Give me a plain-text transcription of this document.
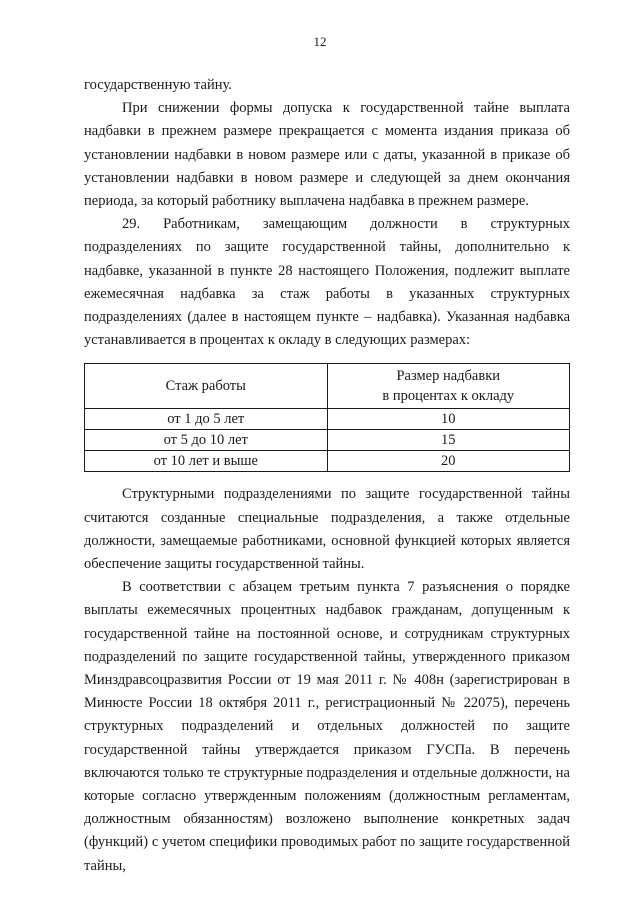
12

государственную тайну.

При снижении формы допуска к государственной тайне выплата надбавки в прежнем размере прекращается с момента издания приказа об установлении надбавки в новом размере или с даты, указанной в приказе об установлении надбавки в новом размере и следующей за днем окончания периода, за который работнику выплачена надбавка в прежнем размере.

29. Работникам, замещающим должности в структурных подразделениях по защите государственной тайны, дополнительно к надбавке, указанной в пункте 28 настоящего Положения, подлежит выплате ежемесячная надбавка за стаж работы в указанных структурных подразделениях (далее в настоящем пункте – надбавка). Указанная надбавка устанавливается в процентах к окладу в следующих размерах:

Стаж работы	Размер надбавки
в процентах к окладу
от 1 до 5 лет	10
от 5 до 10 лет	15
от 10 лет и выше	20

Структурными подразделениями по защите государственной тайны считаются созданные специальные подразделения, а также отдельные должности, замещаемые работниками, основной функцией которых является обеспечение защиты государственной тайны.

В соответствии с абзацем третьим пункта 7 разъяснения о порядке выплаты ежемесячных процентных надбавок гражданам, допущенным к государственной тайне на постоянной основе, и сотрудникам структурных подразделений по защите государственной тайны, утвержденного приказом Минздравсоцразвития России от 19 мая 2011 г. № 408н (зарегистрирован в Минюсте России 18 октября 2011 г., регистрационный № 22075), перечень структурных подразделений и отдельных должностей по защите государственной тайны утверждается приказом ГУСПа. В перечень включаются только те структурные подразделения и отдельные должности, на которые согласно утвержденным положениям (должностным регламентам, должностным обязанностям) возложено выполнение конкретных задач (функций) с учетом специфики проводимых работ по защите государственной тайны,
